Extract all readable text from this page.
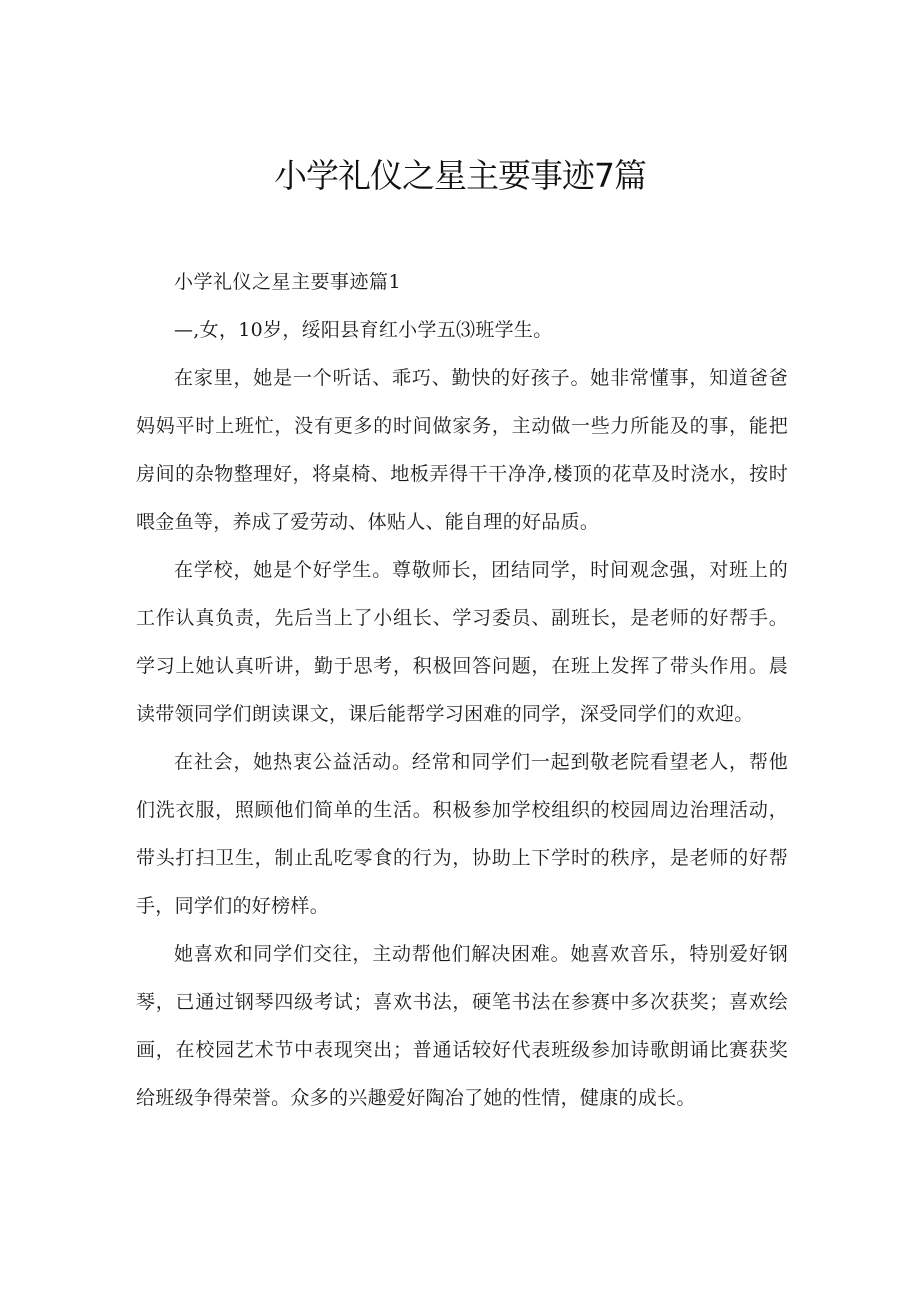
小学礼仪之星主要事迹7篇

小学礼仪之星主要事迹篇1

—,女，10岁，绥阳县育红小学五⑶班学生。

在家里，她是一个听话、乖巧、勤快的好孩子。她非常懂事，知道爸爸妈妈平时上班忙，没有更多的时间做家务，主动做一些力所能及的事，能把房间的杂物整理好，将桌椅、地板弄得干干净净,楼顶的花草及时浇水，按时喂金鱼等，养成了爱劳动、体贴人、能自理的好品质。

在学校，她是个好学生。尊敬师长，团结同学，时间观念强，对班上的工作认真负责，先后当上了小组长、学习委员、副班长，是老师的好帮手。学习上她认真听讲，勤于思考，积极回答问题，在班上发挥了带头作用。晨读带领同学们朗读课文，课后能帮学习困难的同学，深受同学们的欢迎。

在社会，她热衷公益活动。经常和同学们一起到敬老院看望老人，帮他们洗衣服，照顾他们简单的生活。积极参加学校组织的校园周边治理活动，带头打扫卫生，制止乱吃零食的行为，协助上下学时的秩序，是老师的好帮手，同学们的好榜样。

她喜欢和同学们交往，主动帮他们解决困难。她喜欢音乐，特别爱好钢琴，已通过钢琴四级考试；喜欢书法，硬笔书法在参赛中多次获奖；喜欢绘画，在校园艺术节中表现突出；普通话较好代表班级参加诗歌朗诵比赛获奖给班级争得荣誉。众多的兴趣爱好陶冶了她的性情，健康的成长。
